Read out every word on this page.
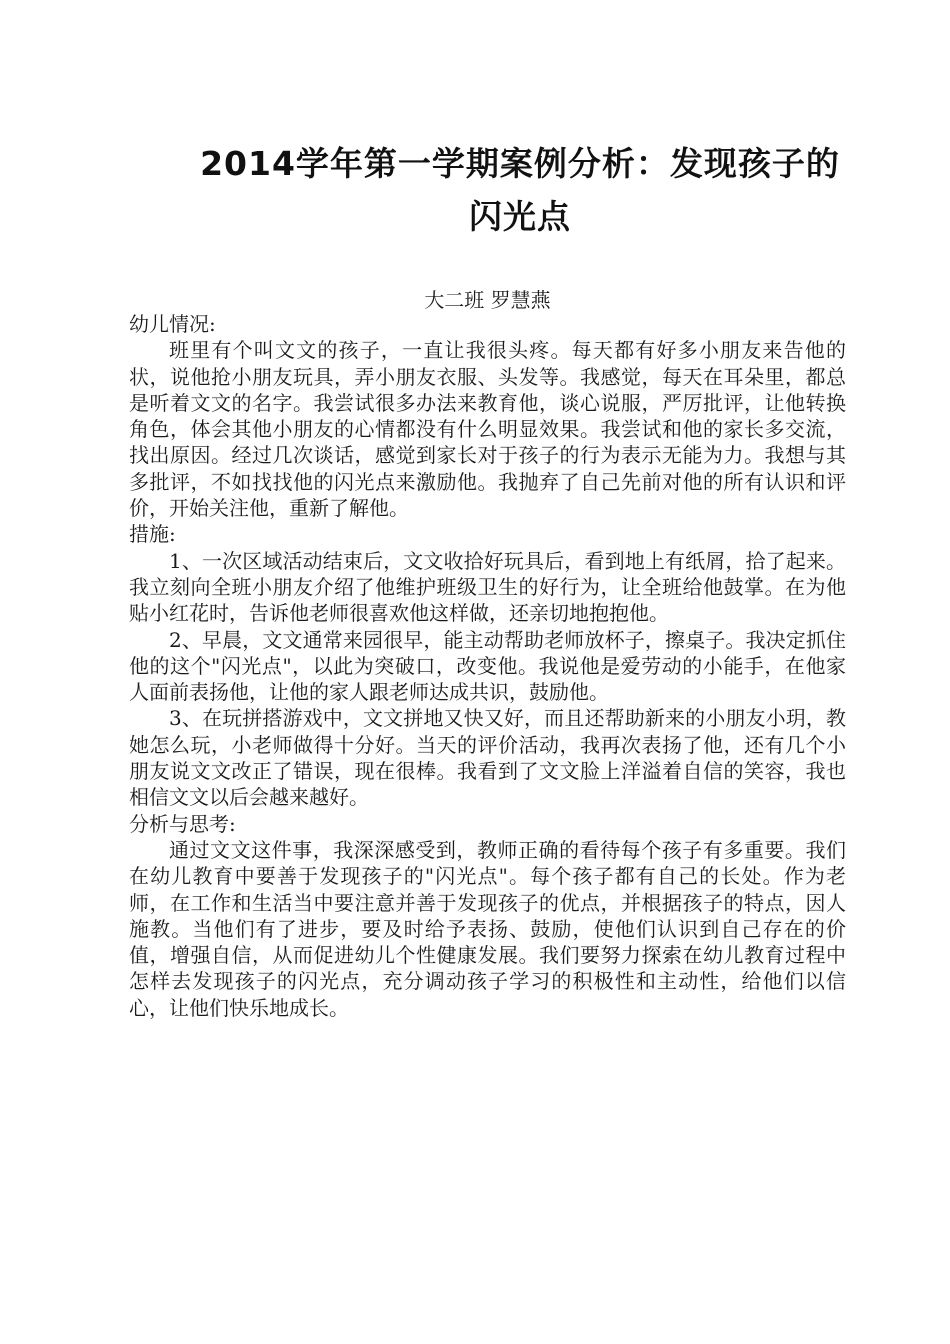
2014学年第一学期案例分析：发现孩子的
闪光点
大二班 罗慧燕

幼儿情况:

班里有个叫文文的孩子，一直让我很头疼。每天都有好多小朋友来告他的状，说他抢小朋友玩具，弄小朋友衣服、头发等。我感觉，每天在耳朵里，都总是听着文文的名字。我尝试很多办法来教育他，谈心说服，严厉批评，让他转换角色，体会其他小朋友的心情都没有什么明显效果。我尝试和他的家长多交流，找出原因。经过几次谈话，感觉到家长对于孩子的行为表示无能为力。我想与其多批评，不如找找他的闪光点来激励他。我抛弃了自己先前对他的所有认识和评价，开始关注他，重新了解他。

措施:

1、一次区域活动结束后，文文收拾好玩具后，看到地上有纸屑，拾了起来。我立刻向全班小朋友介绍了他维护班级卫生的好行为，让全班给他鼓掌。在为他贴小红花时，告诉他老师很喜欢他这样做，还亲切地抱抱他。

2、早晨，文文通常来园很早，能主动帮助老师放杯子，擦桌子。我决定抓住他的这个"闪光点"，以此为突破口，改变他。我说他是爱劳动的小能手，在他家人面前表扬他，让他的家人跟老师达成共识，鼓励他。

3、在玩拼搭游戏中，文文拼地又快又好，而且还帮助新来的小朋友小玥，教她怎么玩，小老师做得十分好。当天的评价活动，我再次表扬了他，还有几个小朋友说文文改正了错误，现在很棒。我看到了文文脸上洋溢着自信的笑容，我也相信文文以后会越来越好。

分析与思考:

通过文文这件事，我深深感受到，教师正确的看待每个孩子有多重要。我们在幼儿教育中要善于发现孩子的"闪光点"。每个孩子都有自己的长处。作为老师，在工作和生活当中要注意并善于发现孩子的优点，并根据孩子的特点，因人施教。当他们有了进步，要及时给予表扬、鼓励，使他们认识到自己存在的价值，增强自信，从而促进幼儿个性健康发展。我们要努力探索在幼儿教育过程中怎样去发现孩子的闪光点，充分调动孩子学习的积极性和主动性，给他们以信心，让他们快乐地成长。
